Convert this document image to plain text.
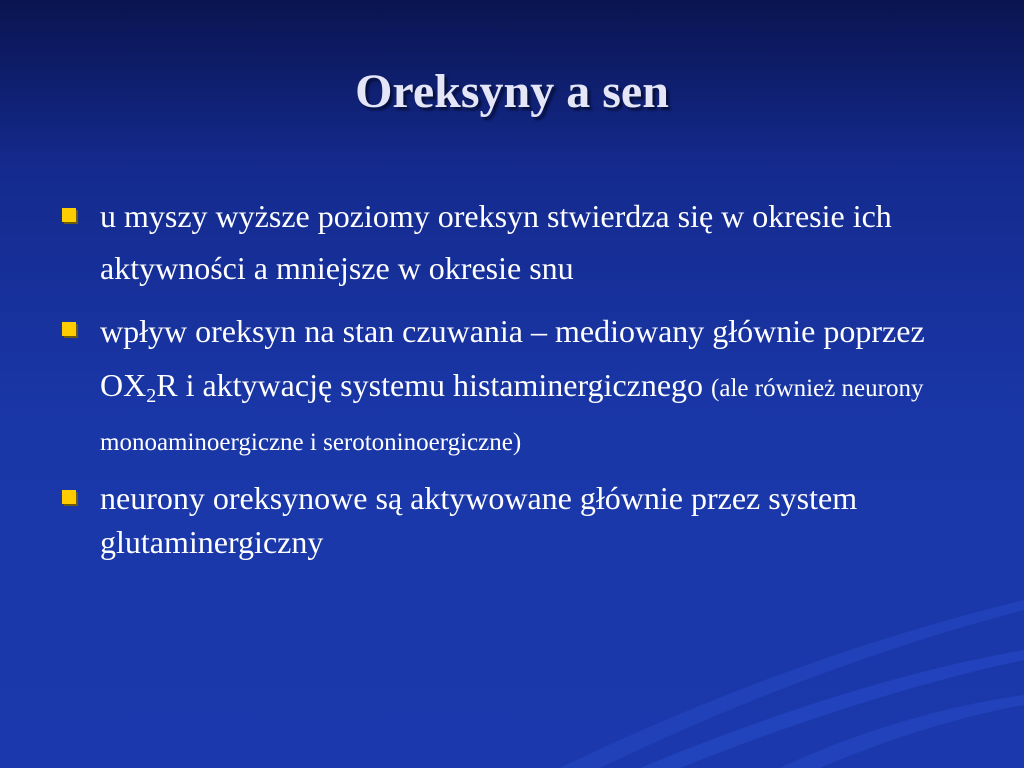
Oreksyny a sen
u myszy wyższe poziomy oreksyn stwierdza się w okresie ich aktywności a mniejsze w okresie snu
wpływ oreksyn na stan czuwania – mediowany głównie poprzez $OX_2R$ i aktywację systemu histaminergicznego (ale również neurony monoaminoergiczne i serotoninoergiczne)
neurony oreksynowe są aktywowane głównie przez system glutaminergiczny
